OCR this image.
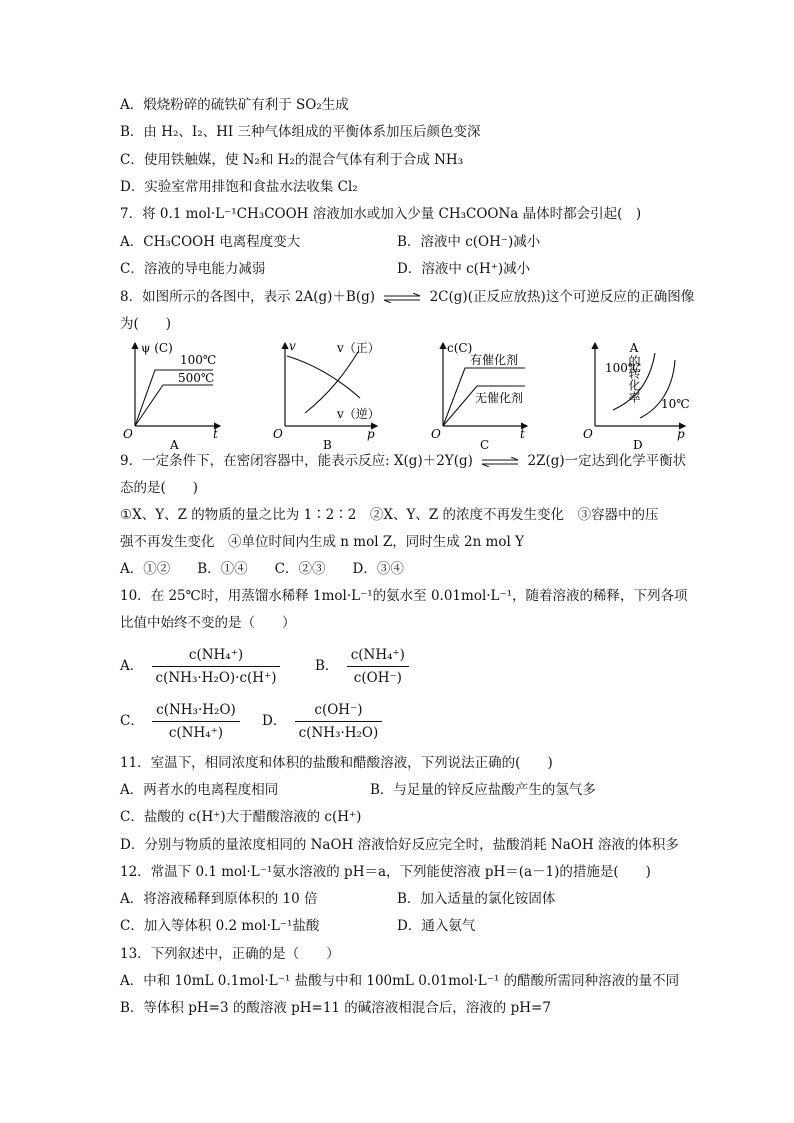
A．煅烧粉碎的硫铁矿有利于 SO₂生成
B．由 H₂、I₂、HI 三种气体组成的平衡体系加压后颜色变深
C．使用铁触媒，使 N₂和 H₂的混合气体有利于合成 NH₃
D．实验室常用排饱和食盐水法收集 Cl₂
7．将 0.1 mol·L⁻¹CH₃COOH 溶液加水或加入少量 CH₃COONa 晶体时都会引起(　)
A．CH₃COOH 电离程度变大	B．溶液中 c(OH⁻)减小
C．溶液的导电能力减弱	D．溶液中 c(H⁺)减小
8．如图所示的各图中，表示 2A(g)＋B(g) ⇌ 2C(g)(正反应放热)这个可逆反应的正确图像
为(　　)
ψ (C)
100℃
500℃
O	t
A
v	v（正）
v（逆）
O	p
B
c(C)
有催化剂
无催化剂
O	t
C
A的转化率
100℃
10℃
O	p
D
9．一定条件下，在密闭容器中，能表示反应: X(g)＋2Y(g) ⇌ 2Z(g)一定达到化学平衡状
态的是(　　)
①X、Y、Z 的物质的量之比为 1∶2∶2　②X、Y、Z 的浓度不再发生变化　③容器中的压
强不再发生变化　④单位时间内生成 n mol Z，同时生成 2n mol Y
A．①②　　B．①④　　C．②③　　D．③④
10．在 25℃时，用蒸馏水稀释 1mol·L⁻¹的氨水至 0.01mol·L⁻¹，随着溶液的稀释，下列各项
比值中始终不变的是（　　）
A． $\frac{\text{c(NH₄⁺)}}{\text{c(NH₃·H₂O)·c(H⁺)}}$	B． $\frac{\text{c(NH₄⁺)}}{c(OH^-)}$
C． $\frac{\text{c(NH₃·H₂O)}}{\text{c(NH₄⁺)}}$ D． $\frac{c(OH^-)}{\text{c(NH₃·H₂O)}}$
11．室温下，相同浓度和体积的盐酸和醋酸溶液，下列说法正确的(　　)
A．两者水的电离程度相同	B．与足量的锌反应盐酸产生的氢气多
C．盐酸的 c(H⁺)大于醋酸溶液的 c(H⁺)
D．分别与物质的量浓度相同的 NaOH 溶液恰好反应完全时，盐酸消耗 NaOH 溶液的体积多
12．常温下 0.1 mol·L⁻¹氨水溶液的 pH＝a，下列能使溶液 pH＝(a－1)的措施是(　　)
A．将溶液稀释到原体积的 10 倍	B．加入适量的氯化铵固体
C．加入等体积 0.2 mol·L⁻¹盐酸	D．通入氨气
13．下列叙述中，正确的是（　　）
A．中和 10mL 0.1mol·L⁻¹ 盐酸与中和 100mL 0.01mol·L⁻¹ 的醋酸所需同种溶液的量不同
B．等体积 pH=3 的酸溶液 pH=11 的碱溶液相混合后，溶液的 pH=7
